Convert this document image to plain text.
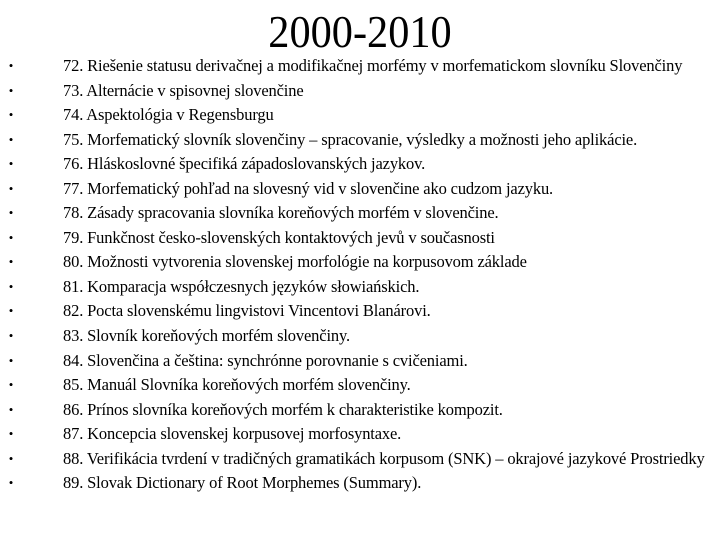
2000-2010
•	72. Riešenie statusu derivačnej a modifikačnej morfémy v morfematickom slovníku Slovenčiny
•	73. Alternácie v spisovnej slovenčine
•	74. Aspektológia v Regensburgu
•	75. Morfematický slovník slovenčiny – spracovanie, výsledky a možnosti jeho aplikácie.
•	76. Hláskoslovné špecifiká západoslovanských jazykov.
•	77. Morfematický pohľad na slovesný vid v slovenčine ako cudzom jazyku.
•	78. Zásady spracovania slovníka koreňových morfém v slovenčine.
•	79. Funkčnost česko-slovenských kontaktových jevů v současnosti
•	80. Možnosti vytvorenia slovenskej morfológie na korpusovom základe
•	81. Komparacja współczesnych języków słowiańskich.
•	82. Pocta slovenskému lingvistovi Vincentovi Blanárovi.
•	83. Slovník koreňových morfém slovenčiny.
•	84. Slovenčina a čeština: synchrónne porovnanie s cvičeniami.
•	85. Manuál Slovníka koreňových morfém slovenčiny.
•	86. Prínos slovníka koreňových morfém k charakteristike kompozit.
•	87. Koncepcia slovenskej korpusovej morfosyntaxe.
•	88. Verifikácia tvrdení v tradičných gramatikách korpusom (SNK) – okrajové jazykové Prostriedky
•	89. Slovak Dictionary of Root Morphemes (Summary).
